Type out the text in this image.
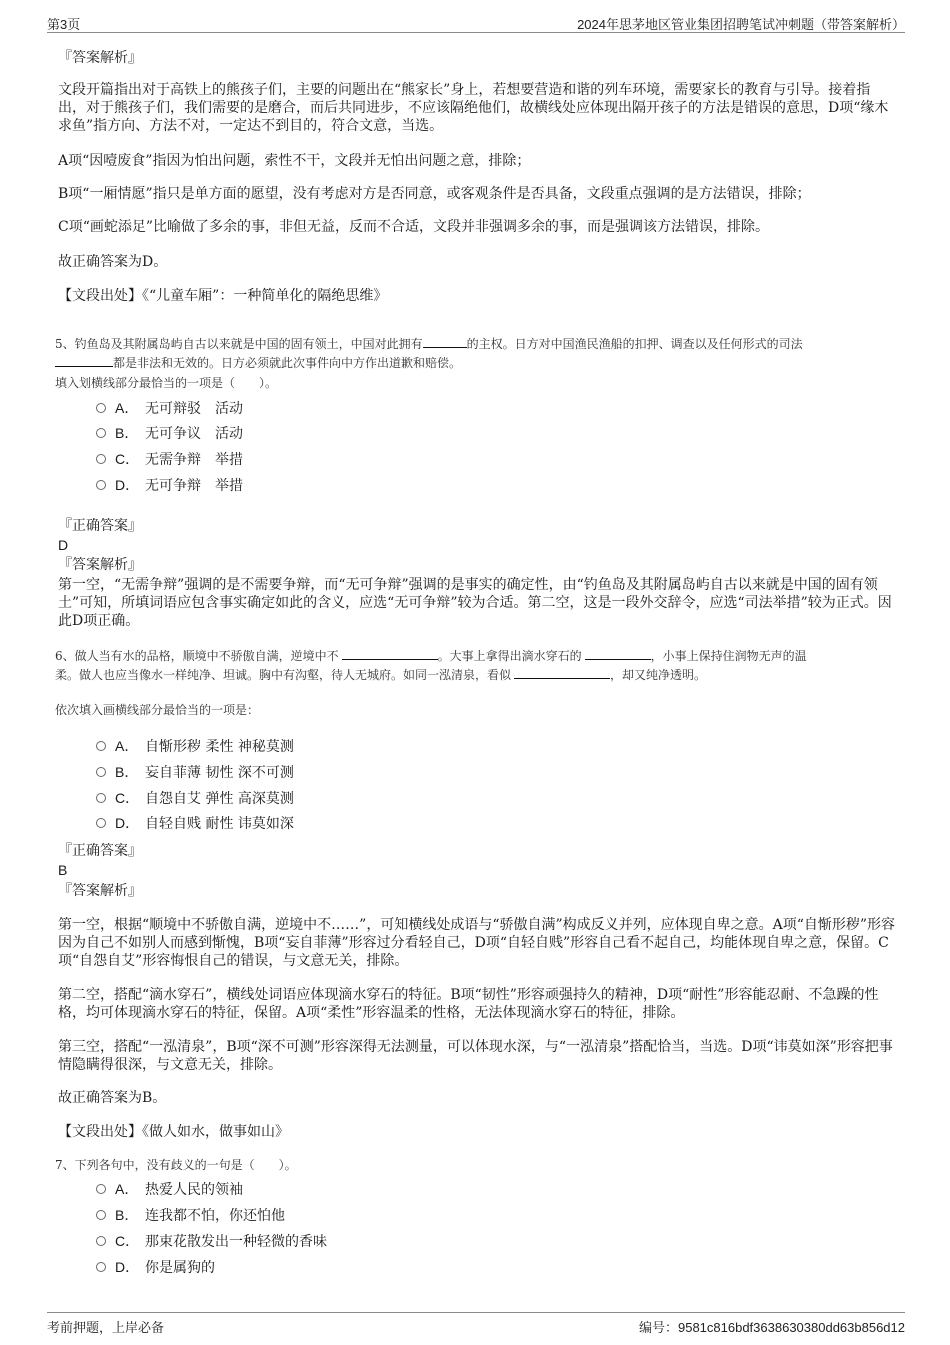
第3页	2024年思茅地区管业集团招聘笔试冲刺题（带答案解析）

『答案解析』

文段开篇指出对于高铁上的熊孩子们，主要的问题出在“熊家长”身上，若想要营造和谐的列车环境，需要家长的教育与引导。接着指出，对于熊孩子们，我们需要的是磨合，而后共同进步，不应该隔绝他们，故横线处应体现出隔开孩子的方法是错误的意思，D项“缘木求鱼”指方向、方法不对，一定达不到目的，符合文意，当选。

A项“因噎废食”指因为怕出问题，索性不干，文段并无怕出问题之意，排除；

B项“一厢情愿”指只是单方面的愿望，没有考虑对方是否同意，或客观条件是否具备，文段重点强调的是方法错误，排除；

C项“画蛇添足”比喻做了多余的事，非但无益，反而不合适，文段并非强调多余的事，而是强调该方法错误，排除。

故正确答案为D。

【文段出处】《“儿童车厢”：一种简单化的隔绝思维》

5、钓鱼岛及其附属岛屿自古以来就是中国的固有领土，中国对此拥有	的主权。日方对中国渔民渔船的扣押、调查以及任何形式的司法
都是非法和无效的。日方必须就此次事件向中方作出道歉和赔偿。

填入划横线部分最恰当的一项是（　　）。

A． 无可辩驳　活动
B． 无可争议　活动
C． 无需争辩　举措
D． 无可争辩　举措

『正确答案』

D

『答案解析』

第一空，“无需争辩”强调的是不需要争辩，而“无可争辩”强调的是事实的确定性，由“钓鱼岛及其附属岛屿自古以来就是中国的固有领土”可知，所填词语应包含事实确定如此的含义，应选“无可争辩”较为合适。第二空，这是一段外交辞令，应选“司法举措”较为正式。因此D项正确。

6、做人当有水的品格，顺境中不骄傲自满，逆境中不	。大事上拿得出滴水穿石的	，小事上保持住润物无声的温
柔。做人也应当像水一样纯净、坦诚。胸中有沟壑，待人无城府。如同一泓清泉，看似	，却又纯净透明。

依次填入画横线部分最恰当的一项是：

A． 自惭形秽 柔性 神秘莫测
B． 妄自菲薄 韧性 深不可测
C． 自怨自艾 弹性 高深莫测
D． 自轻自贱 耐性 讳莫如深

『正确答案』

B

『答案解析』

第一空，根据“顺境中不骄傲自满，逆境中不……”，可知横线处成语与“骄傲自满”构成反义并列，应体现自卑之意。A项“自惭形秽”形容因为自己不如别人而感到惭愧，B项“妄自菲薄”形容过分看轻自己，D项“自轻自贱”形容自己看不起自己，均能体现自卑之意，保留。C项“自怨自艾”形容悔恨自己的错误，与文意无关，排除。

第二空，搭配“滴水穿石”，横线处词语应体现滴水穿石的特征。B项“韧性”形容顽强持久的精神，D项“耐性”形容能忍耐、不急躁的性格，均可体现滴水穿石的特征，保留。A项“柔性”形容温柔的性格，无法体现滴水穿石的特征，排除。

第三空，搭配“一泓清泉”，B项“深不可测”形容深得无法测量，可以体现水深，与“一泓清泉”搭配恰当，当选。D项“讳莫如深”形容把事情隐瞒得很深，与文意无关，排除。

故正确答案为B。

【文段出处】《做人如水，做事如山》

7、下列各句中，没有歧义的一句是（　　）。

A． 热爱人民的领袖
B． 连我都不怕，你还怕他
C． 那束花散发出一种轻微的香味
D． 你是属狗的
考前押题，上岸必备	编号：9581c816bdf3638630380dd63b856d12
